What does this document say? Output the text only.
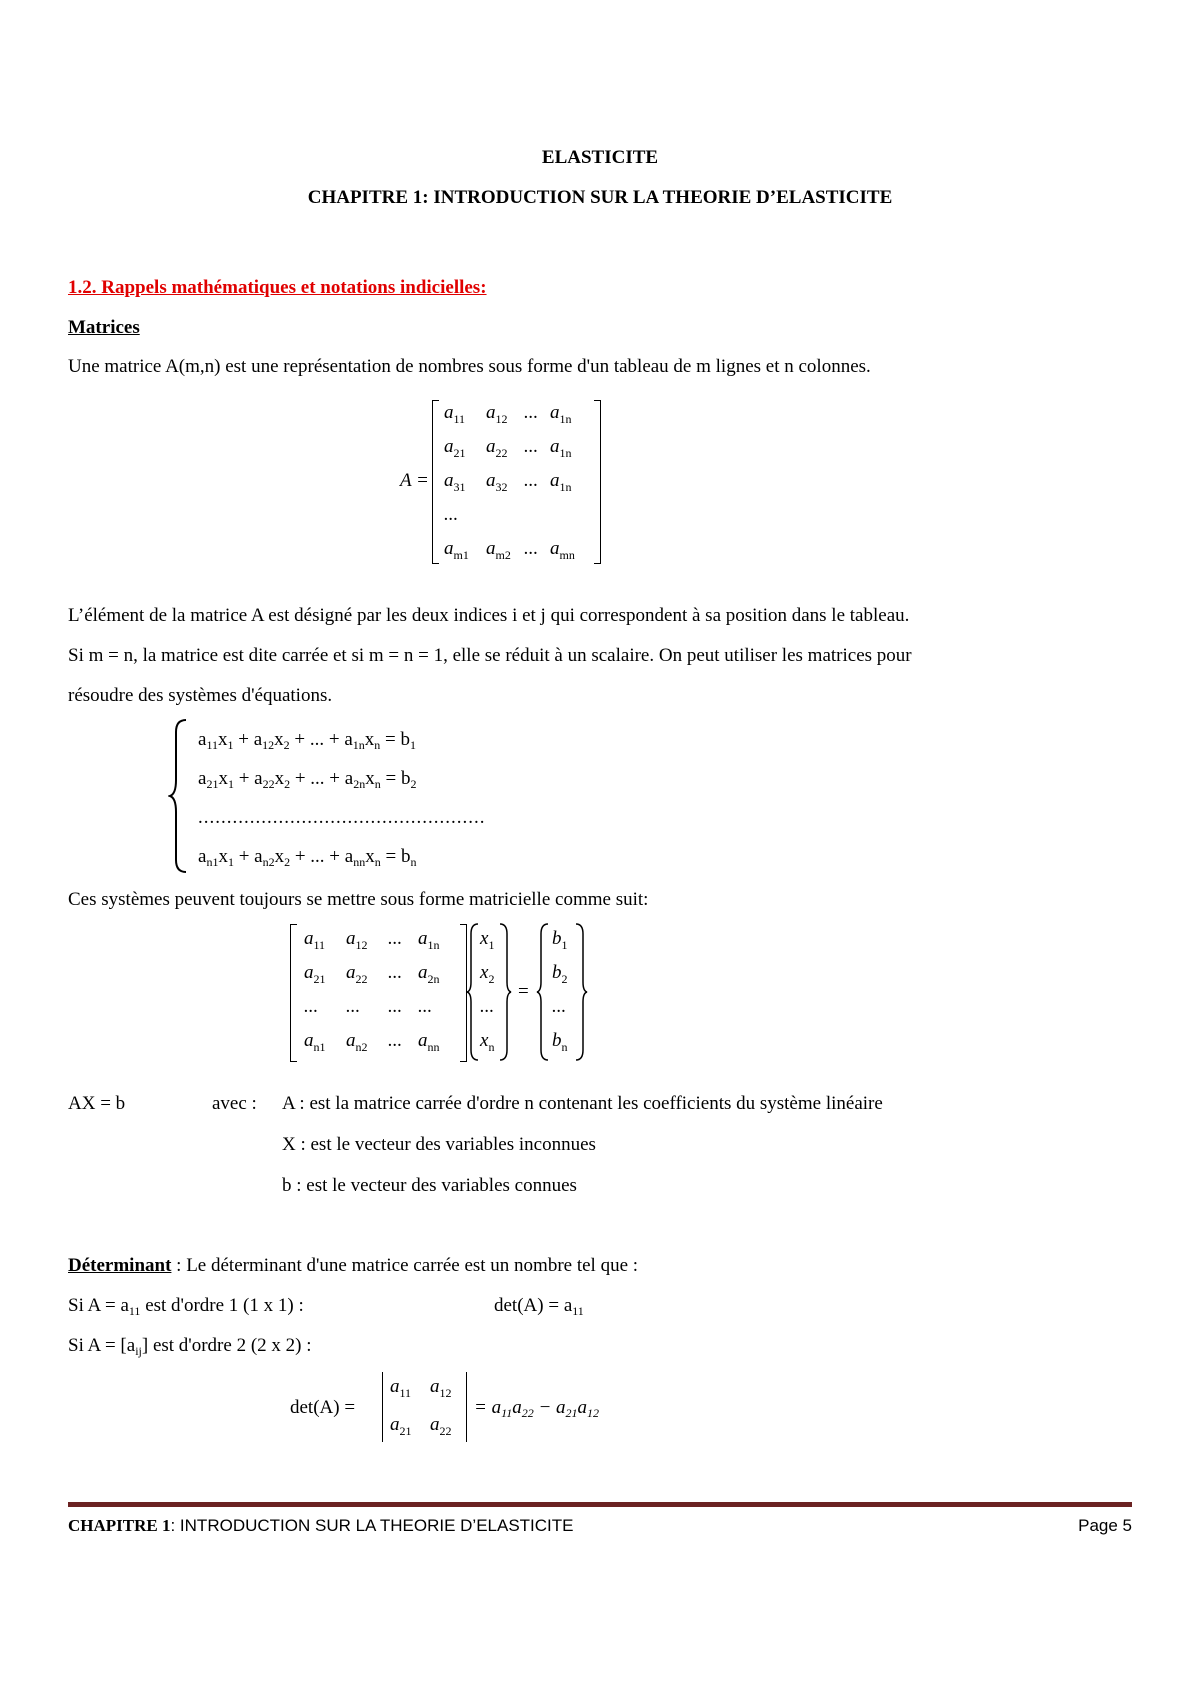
ELASTICITE
CHAPITRE 1: INTRODUCTION SUR LA THEORIE D’ELASTICITE
1.2. Rappels mathématiques et notations indicielles:
Matrices
Une matrice A(m,n) est une représentation de nombres sous forme d'un tableau de m lignes et n colonnes.
A =
$a_{11}$ $a_{12}$ ... $a_{1n}$
$a_{21}$ $a_{22}$ ... $a_{1n}$
$a_{31}$ $a_{32}$ ... $a_{1n}$
...
$a_{m1}$ $a_{m2}$ ... $a_{mn}$
L’élément de la matrice A est désigné par les deux indices i et j qui correspondent à sa position dans le tableau.
Si m = n, la matrice est dite carrée et si m = n = 1, elle se réduit à un scalaire. On peut utiliser les matrices pour
résoudre des systèmes d'équations.
$a_{11}x_1 + a_{12}x_2$ + ... + $a_{1n}x_n = b_1$
$a_{21}x_1 + a_{22}x_2$ + ... + $a_{2n}x_n = b_2$
..................................................
$a_{n1}x_1 + a_{n2}x_2$ + ... + $a_{nn}x_n = b_n$
Ces systèmes peuvent toujours se mettre sous forme matricielle comme suit:
=
$a_{11}$ $a_{12}$ ... $a_{1n}$
$a_{21}$ $a_{22}$ ... $a_{2n}$
... ... ... ...
$a_{n1}$ $a_{n2}$ ... $a_{nn}$
$x_1$
$x_2$
...
$x_n$
$b_1$
$b_2$
...
$b_n$
AX = b	avec : A : est la matrice carrée d'ordre n contenant les coefficients du système linéaire
X : est le vecteur des variables inconnues
b : est le vecteur des variables connues
Déterminant : Le déterminant d'une matrice carrée est un nombre tel que :
Si $A = a_{11}$ est d'ordre 1 (1 x 1) :	$\det(A) = a_{11}$
Si $A = [a_{ij}]$ est d'ordre 2 (2 x 2) :
det(A) =
$a_{11}$ $a_{12}$
$a_{21}$ $a_{22}$
= $a_{11}a_{22} - a_{21}a_{12}$
CHAPITRE 1: INTRODUCTION SUR LA THEORIE D’ELASTICITE	Page 5
